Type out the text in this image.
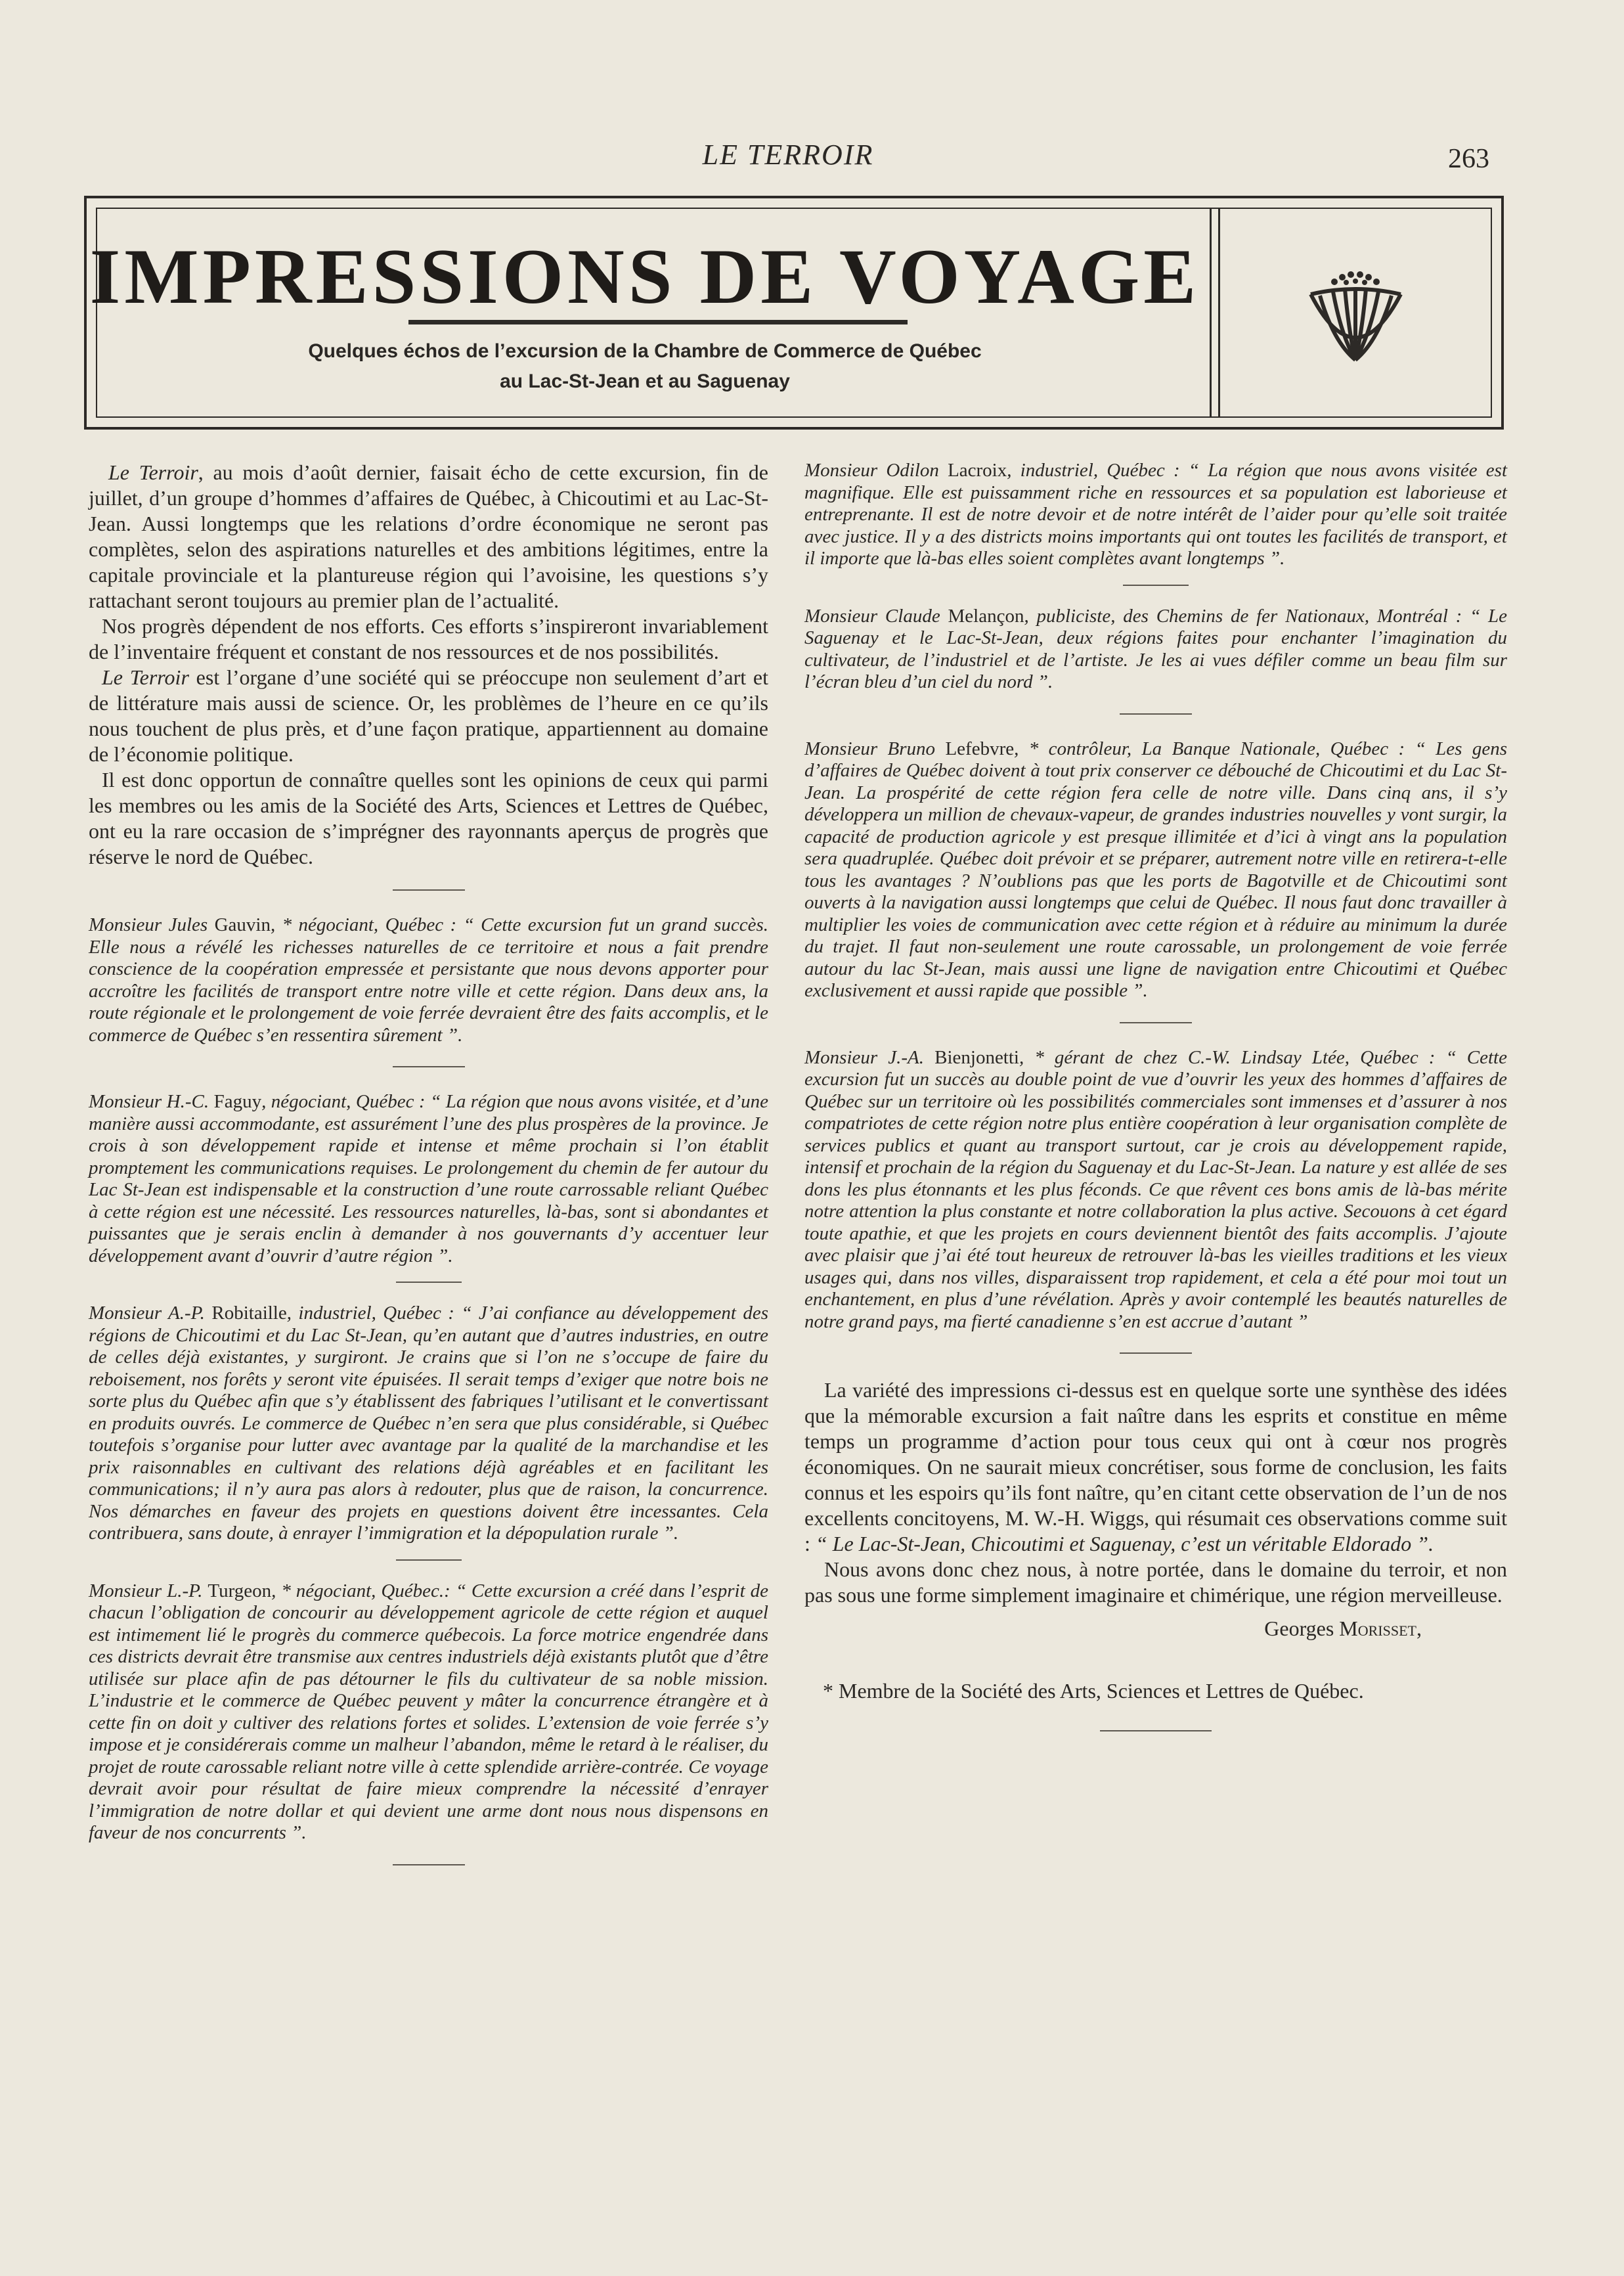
LE TERROIR	263
IMPRESSIONS DE VOYAGE
Quelques échos de l’excursion de la Chambre de Commerce de Québec
au Lac-St-Jean et au Saguenay

Le Terroir, au mois d’août dernier, faisait écho de cette excursion, fin de juillet, d’un groupe d’hommes d’affaires de Québec, à Chicoutimi et au Lac-St-Jean. Aussi longtemps que les relations d’ordre économique ne seront pas complètes, selon des aspirations naturelles et des ambitions légitimes, entre la capitale provinciale et la plantureuse région qui l’avoisine, les questions s’y rattachant seront toujours au premier plan de l’actualité.

Nos progrès dépendent de nos efforts. Ces efforts s’inspireront invariablement de l’inventaire fréquent et constant de nos ressources et de nos possibilités.

Le Terroir est l’organe d’une société qui se préoccupe non seulement d’art et de littérature mais aussi de science. Or, les problèmes de l’heure en ce qu’ils nous touchent de plus près, et d’une façon pratique, appartiennent au domaine de l’économie politique.

Il est donc opportun de connaître quelles sont les opinions de ceux qui parmi les membres ou les amis de la Société des Arts, Sciences et Lettres de Québec, ont eu la rare occasion de s’imprégner des rayonnants aperçus de progrès que réserve le nord de Québec.

Monsieur Jules Gauvin, * négociant, Québec : “ Cette excursion fut un grand succès. Elle nous a révélé les richesses naturelles de ce territoire et nous a fait prendre conscience de la coopération empressée et persistante que nous devons apporter pour accroître les facilités de transport entre notre ville et cette région. Dans deux ans, la route régionale et le prolongement de voie ferrée devraient être des faits accomplis, et le commerce de Québec s’en ressentira sûrement ”.

Monsieur H.-C. Faguy, négociant, Québec : “ La région que nous avons visitée, et d’une manière aussi accommodante, est assurément l’une des plus prospères de la province. Je crois à son développement rapide et intense et même prochain si l’on établit promptement les communications requises. Le prolongement du chemin de fer autour du Lac St-Jean est indispensable et la construction d’une route carrossable reliant Québec à cette région est une nécessité. Les ressources naturelles, là-bas, sont si abondantes et puissantes que je serais enclin à demander à nos gouvernants d’y accentuer leur développement avant d’ouvrir d’autre région ”.

Monsieur A.-P. Robitaille, industriel, Québec : “ J’ai confiance au développement des régions de Chicoutimi et du Lac St-Jean, qu’en autant que d’autres industries, en outre de celles déjà existantes, y surgiront. Je crains que si l’on ne s’occupe de faire du reboisement, nos forêts y seront vite épuisées. Il serait temps d’exiger que notre bois ne sorte plus du Québec afin que s’y établissent des fabriques l’utilisant et le convertissant en produits ouvrés. Le commerce de Québec n’en sera que plus considérable, si Québec toutefois s’organise pour lutter avec avantage par la qualité de la marchandise et les prix raisonnables en cultivant des relations déjà agréables et en facilitant les communications; il n’y aura pas alors à redouter, plus que de raison, la concurrence. Nos démarches en faveur des projets en questions doivent être incessantes. Cela contribuera, sans doute, à enrayer l’immigration et la dépopulation rurale ”.

Monsieur L.-P. Turgeon, * négociant, Québec.: “ Cette excursion a créé dans l’esprit de chacun l’obligation de concourir au développement agricole de cette région et auquel est intimement lié le progrès du commerce québecois. La force motrice engendrée dans ces districts devrait être transmise aux centres industriels déjà existants plutôt que d’être utilisée sur place afin de pas détourner le fils du cultivateur de sa noble mission. L’industrie et le commerce de Québec peuvent y mâter la concurrence étrangère et à cette fin on doit y cultiver des relations fortes et solides. L’extension de voie ferrée s’y impose et je considérerais comme un malheur l’abandon, même le retard à le réaliser, du projet de route carossable reliant notre ville à cette splendide arrière-contrée. Ce voyage devrait avoir pour résultat de faire mieux comprendre la nécessité d’enrayer l’immigration de notre dollar et qui devient une arme dont nous nous dispensons en faveur de nos concurrents ”.

Monsieur Odilon Lacroix, industriel, Québec : “ La région que nous avons visitée est magnifique. Elle est puissamment riche en ressources et sa population est laborieuse et entreprenante. Il est de notre devoir et de notre intérêt de l’aider pour qu’elle soit traitée avec justice. Il y a des districts moins importants qui ont toutes les facilités de transport, et il importe que là-bas elles soient complètes avant longtemps ”.

Monsieur Claude Melançon, publiciste, des Chemins de fer Nationaux, Montréal : “ Le Saguenay et le Lac-St-Jean, deux régions faites pour enchanter l’imagination du cultivateur, de l’industriel et de l’artiste. Je les ai vues défiler comme un beau film sur l’écran bleu d’un ciel du nord ”.

Monsieur Bruno Lefebvre, * contrôleur, La Banque Nationale, Québec : “ Les gens d’affaires de Québec doivent à tout prix conserver ce débouché de Chicoutimi et du Lac St-Jean. La prospérité de cette région fera celle de notre ville. Dans cinq ans, il s’y développera un million de chevaux-vapeur, de grandes industries nouvelles y vont surgir, la capacité de production agricole y est presque illimitée et d’ici à vingt ans la population sera quadruplée. Québec doit prévoir et se préparer, autrement notre ville en retirera-t-elle tous les avantages ? N’oublions pas que les ports de Bagotville et de Chicoutimi sont ouverts à la navigation aussi longtemps que celui de Québec. Il nous faut donc travailler à multiplier les voies de communication avec cette région et à réduire au minimum la durée du trajet. Il faut non-seulement une route carossable, un prolongement de voie ferrée autour du lac St-Jean, mais aussi une ligne de navigation entre Chicoutimi et Québec exclusivement et aussi rapide que possible ”.

Monsieur J.-A. Bienjonetti, * gérant de chez C.-W. Lindsay Ltée, Québec : “ Cette excursion fut un succès au double point de vue d’ouvrir les yeux des hommes d’affaires de Québec sur un territoire où les possibilités commerciales sont immenses et d’assurer à nos compatriotes de cette région notre plus entière coopération à leur organisation complète de services publics et quant au transport surtout, car je crois au développement rapide, intensif et prochain de la région du Saguenay et du Lac-St-Jean. La nature y est allée de ses dons les plus étonnants et les plus féconds. Ce que rêvent ces bons amis de là-bas mérite notre attention la plus constante et notre collaboration la plus active. Secouons à cet égard toute apathie, et que les projets en cours deviennent bientôt des faits accomplis. J’ajoute avec plaisir que j’ai été tout heureux de retrouver là-bas les vieilles traditions et les vieux usages qui, dans nos villes, disparaissent trop rapidement, et cela a été pour moi tout un enchantement, en plus d’une révélation. Après y avoir contemplé les beautés naturelles de notre grand pays, ma fierté canadienne s’en est accrue d’autant ”

La variété des impressions ci-dessus est en quelque sorte une synthèse des idées que la mémorable excursion a fait naître dans les esprits et constitue en même temps un programme d’action pour tous ceux qui ont à cœur nos progrès économiques. On ne saurait mieux concrétiser, sous forme de conclusion, les faits connus et les espoirs qu’ils font naître, qu’en citant cette observation de l’un de nos excellents concitoyens, M. W.-H. Wiggs, qui résumait ces observations comme suit : “ Le Lac-St-Jean, Chicoutimi et Saguenay, c’est un véritable Eldorado ”.

Nous avons donc chez nous, à notre portée, dans le domaine du terroir, et non pas sous une forme simplement imaginaire et chimérique, une région merveilleuse.

Georges Morisset,

* Membre de la Société des Arts, Sciences et Lettres de Québec.
